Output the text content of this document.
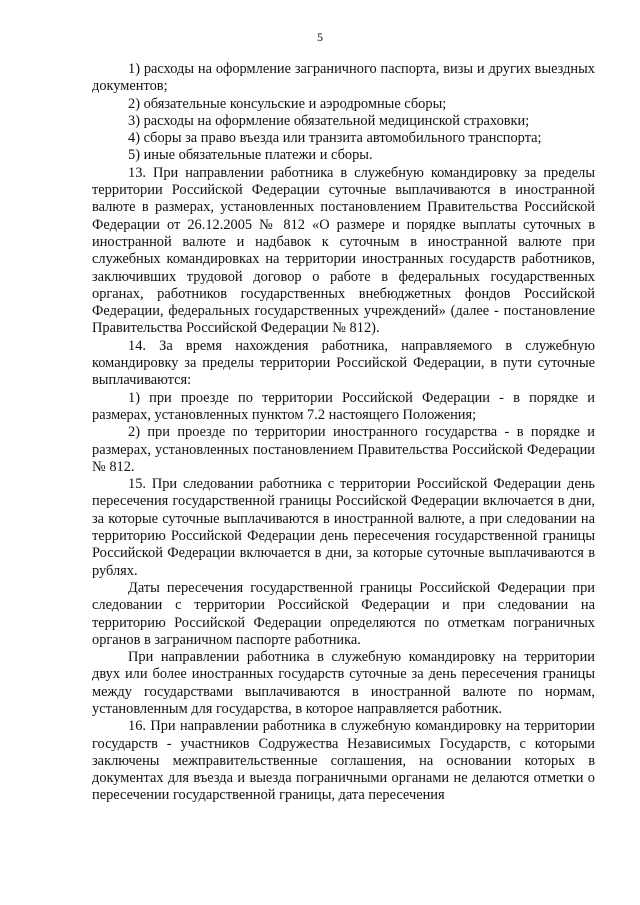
5

1) расходы на оформление заграничного паспорта, визы и других выездных документов;

2) обязательные консульские и аэродромные сборы;

3) расходы на оформление обязательной медицинской страховки;

4) сборы за право въезда или транзита автомобильного транспорта;

5) иные обязательные платежи и сборы.

13. При направлении работника в служебную командировку за пределы территории Российской Федерации суточные выплачиваются в иностранной валюте в размерах, установленных постановлением Правительства Российской Федерации от 26.12.2005 № 812 «О размере и порядке выплаты суточных в иностранной валюте и надбавок к суточным в иностранной валюте при служебных командировках на территории иностранных государств работников, заключивших трудовой договор о работе в федеральных государственных органах, работников государственных внебюджетных фондов Российской Федерации, федеральных государственных учреждений» (далее - постановление Правительства Российской Федерации № 812).

14. За время нахождения работника, направляемого в служебную командировку за пределы территории Российской Федерации, в пути суточные выплачиваются:

1) при проезде по территории Российской Федерации - в порядке и размерах, установленных пунктом 7.2 настоящего Положения;

2) при проезде по территории иностранного государства - в порядке и размерах, установленных постановлением Правительства Российской Федерации № 812.

15. При следовании работника с территории Российской Федерации день пересечения государственной границы Российской Федерации включается в дни, за которые суточные выплачиваются в иностранной валюте, а при следовании на территорию Российской Федерации день пересечения государственной границы Российской Федерации включается в дни, за которые суточные выплачиваются в рублях.

Даты пересечения государственной границы Российской Федерации при следовании с территории Российской Федерации и при следовании на территорию Российской Федерации определяются по отметкам пограничных органов в заграничном паспорте работника.

При направлении работника в служебную командировку на территории двух или более иностранных государств суточные за день пересечения границы между государствами выплачиваются в иностранной валюте по нормам, установленным для государства, в которое направляется работник.

16. При направлении работника в служебную командировку на территории государств - участников Содружества Независимых Государств, с которыми заключены межправительственные соглашения, на основании которых в документах для въезда и выезда пограничными органами не делаются отметки о пересечении государственной границы, дата пересечения
